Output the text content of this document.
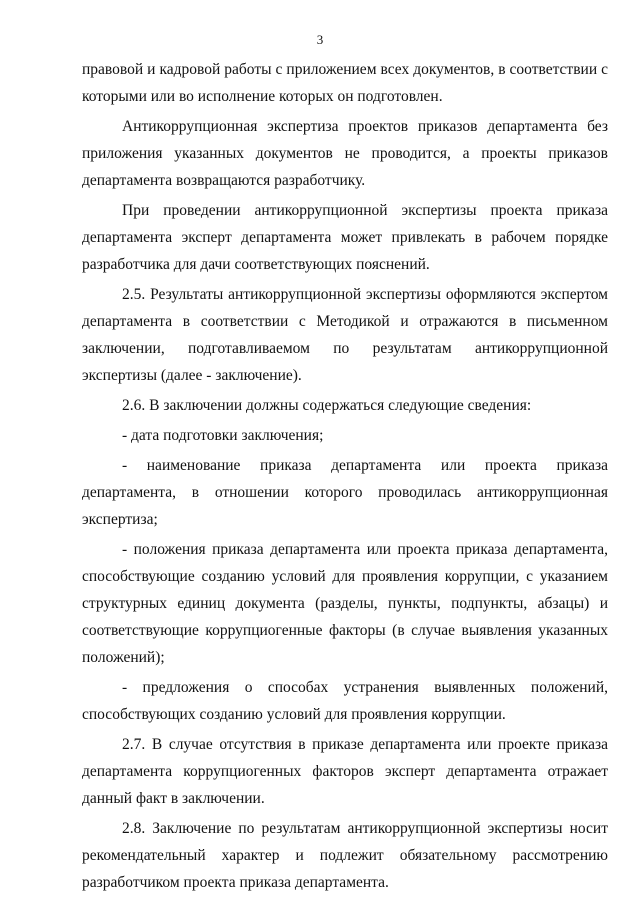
3

правовой и кадровой работы с приложением всех документов, в соответствии с которыми или во исполнение которых он подготовлен.

Антикоррупционная экспертиза проектов приказов департамента без приложения указанных документов не проводится, а проекты приказов департамента возвращаются разработчику.

При проведении антикоррупционной экспертизы проекта приказа департамента эксперт департамента может привлекать в рабочем порядке разработчика для дачи соответствующих пояснений.

2.5. Результаты антикоррупционной экспертизы оформляются экспертом департамента в соответствии с Методикой и отражаются в письменном заключении, подготавливаемом по результатам антикоррупционной экспертизы (далее - заключение).

2.6. В заключении должны содержаться следующие сведения:

- дата подготовки заключения;

- наименование приказа департамента или проекта приказа департамента, в отношении которого проводилась антикоррупционная экспертиза;

- положения приказа департамента или проекта приказа департамента, способствующие созданию условий для проявления коррупции, с указанием структурных единиц документа (разделы, пункты, подпункты, абзацы) и соответствующие коррупциогенные факторы (в случае выявления указанных положений);

- предложения о способах устранения выявленных положений, способствующих созданию условий для проявления коррупции.

2.7. В случае отсутствия в приказе департамента или проекте приказа департамента коррупциогенных факторов эксперт департамента отражает данный факт в заключении.

2.8. Заключение по результатам антикоррупционной экспертизы носит рекомендательный характер и подлежит обязательному рассмотрению разработчиком проекта приказа департамента.
